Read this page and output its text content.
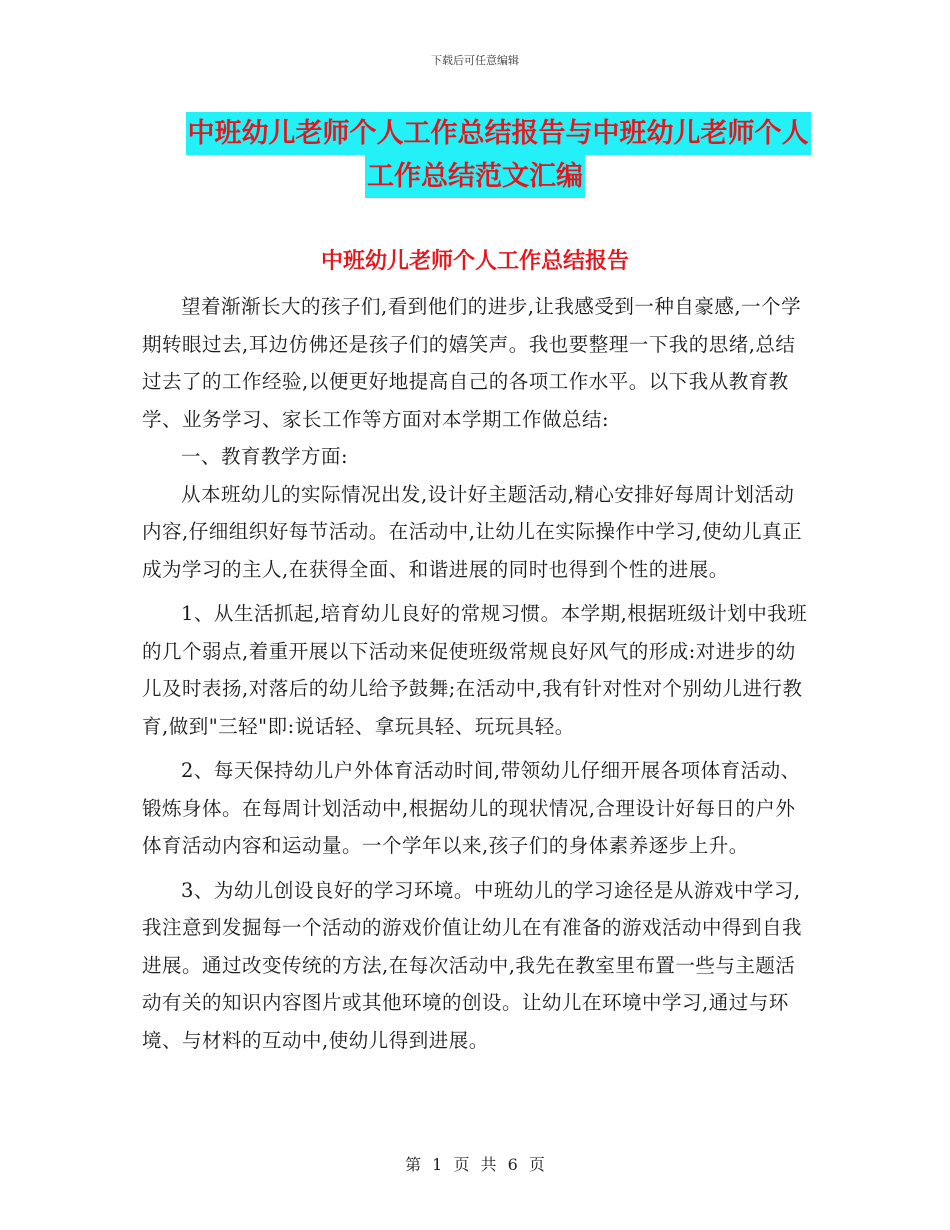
下载后可任意编辑
中班幼儿老师个人工作总结报告与中班幼儿老师个人
工作总结范文汇编
中班幼儿老师个人工作总结报告

望着渐渐长大的孩子们,看到他们的进步,让我感受到一种自豪感,一个学期转眼过去,耳边仿佛还是孩子们的嬉笑声。我也要整理一下我的思绪,总结过去了的工作经验,以便更好地提高自己的各项工作水平。以下我从教育教学、业务学习、家长工作等方面对本学期工作做总结:

一、教育教学方面:

从本班幼儿的实际情况出发,设计好主题活动,精心安排好每周计划活动内容,仔细组织好每节活动。在活动中,让幼儿在实际操作中学习,使幼儿真正成为学习的主人,在获得全面、和谐进展的同时也得到个性的进展。

1、从生活抓起,培育幼儿良好的常规习惯。本学期,根据班级计划中我班的几个弱点,着重开展以下活动来促使班级常规良好风气的形成:对进步的幼儿及时表扬,对落后的幼儿给予鼓舞;在活动中,我有针对性对个别幼儿进行教育,做到"三轻"即:说话轻、拿玩具轻、玩玩具轻。

2、每天保持幼儿户外体育活动时间,带领幼儿仔细开展各项体育活动、锻炼身体。在每周计划活动中,根据幼儿的现状情况,合理设计好每日的户外体育活动内容和运动量。一个学年以来,孩子们的身体素养逐步上升。

3、为幼儿创设良好的学习环境。中班幼儿的学习途径是从游戏中学习,我注意到发掘每一个活动的游戏价值让幼儿在有准备的游戏活动中得到自我进展。通过改变传统的方法,在每次活动中,我先在教室里布置一些与主题活动有关的知识内容图片或其他环境的创设。让幼儿在环境中学习,通过与环境、与材料的互动中,使幼儿得到进展。

第 1 页 共 6 页
